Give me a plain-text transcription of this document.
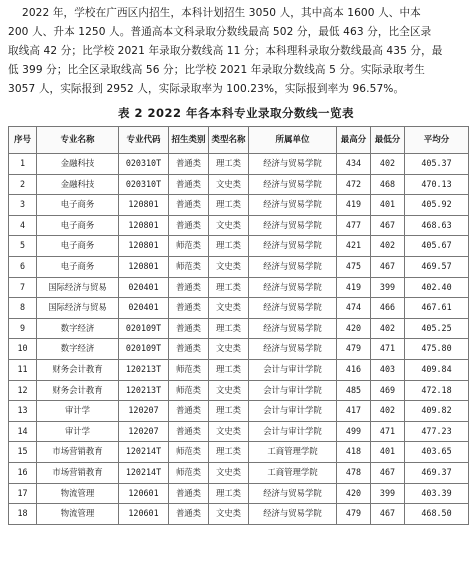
2022 年，学校在广西区内招生，本科计划招生 3050 人，其中高本 1600 人、中本

200 人、升本 1250 人。普通高本文科录取分数线最高 502 分，最低 463 分，比全区录

取线高 42 分；比学校 2021 年录取分数线高 11 分；本科理科录取分数线最高 435 分，最

低 399 分；比全区录取线高 56 分；比学校 2021 年录取分数线高 5 分。实际录取考生

3057 人，实际报到 2952 人，实际录取率为 100.23%，实际报到率为 96.57%。

表 2 2022 年各本科专业录取分数线一览表
序号	专业名称	专业代码	招生类别	类型名称	所属单位	最高分	最低分	平均分
1	金融科技	020310T	普通类	理工类	经济与贸易学院	434	402	405.37
2	金融科技	020310T	普通类	文史类	经济与贸易学院	472	468	470.13
3	电子商务	120801	普通类	理工类	经济与贸易学院	419	401	405.92
4	电子商务	120801	普通类	文史类	经济与贸易学院	477	467	468.63
5	电子商务	120801	师范类	理工类	经济与贸易学院	421	402	405.67
6	电子商务	120801	师范类	文史类	经济与贸易学院	475	467	469.57
7	国际经济与贸易	020401	普通类	理工类	经济与贸易学院	419	399	402.40
8	国际经济与贸易	020401	普通类	文史类	经济与贸易学院	474	466	467.61
9	数字经济	020109T	普通类	理工类	经济与贸易学院	420	402	405.25
10	数字经济	020109T	普通类	文史类	经济与贸易学院	479	471	475.80
11	财务会计教育	120213T	师范类	理工类	会计与审计学院	416	403	409.84
12	财务会计教育	120213T	师范类	文史类	会计与审计学院	485	469	472.18
13	审计学	120207	普通类	理工类	会计与审计学院	417	402	409.82
14	审计学	120207	普通类	文史类	会计与审计学院	499	471	477.23
15	市场营销教育	120214T	师范类	理工类	工商管理学院	418	401	403.65
16	市场营销教育	120214T	师范类	文史类	工商管理学院	478	467	469.37
17	物流管理	120601	普通类	理工类	经济与贸易学院	420	399	403.39
18	物流管理	120601	普通类	文史类	经济与贸易学院	479	467	468.50
